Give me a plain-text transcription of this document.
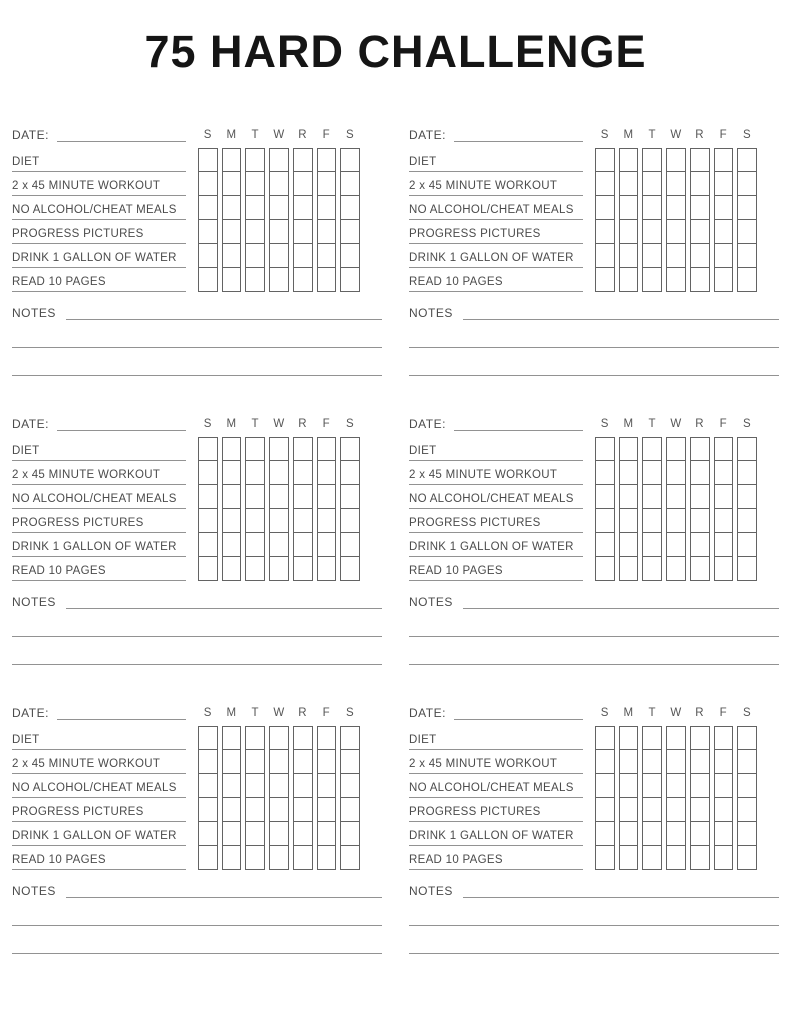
75 HARD CHALLENGE
DATE:	S	M	T	W	R	F	S
DIET
2 x 45 MINUTE WORKOUT
NO ALCOHOL/CHEAT MEALS
PROGRESS PICTURES
DRINK 1 GALLON OF WATER
READ 10 PAGES
NOTES
DATE:	S	M	T	W	R	F	S
DIET
2 x 45 MINUTE WORKOUT
NO ALCOHOL/CHEAT MEALS
PROGRESS PICTURES
DRINK 1 GALLON OF WATER
READ 10 PAGES
NOTES
DATE:	S	M	T	W	R	F	S
DIET
2 x 45 MINUTE WORKOUT
NO ALCOHOL/CHEAT MEALS
PROGRESS PICTURES
DRINK 1 GALLON OF WATER
READ 10 PAGES
NOTES
DATE:	S	M	T	W	R	F	S
DIET
2 x 45 MINUTE WORKOUT
NO ALCOHOL/CHEAT MEALS
PROGRESS PICTURES
DRINK 1 GALLON OF WATER
READ 10 PAGES
NOTES
DATE:	S	M	T	W	R	F	S
DIET
2 x 45 MINUTE WORKOUT
NO ALCOHOL/CHEAT MEALS
PROGRESS PICTURES
DRINK 1 GALLON OF WATER
READ 10 PAGES
NOTES
DATE:	S	M	T	W	R	F	S
DIET
2 x 45 MINUTE WORKOUT
NO ALCOHOL/CHEAT MEALS
PROGRESS PICTURES
DRINK 1 GALLON OF WATER
READ 10 PAGES
NOTES
